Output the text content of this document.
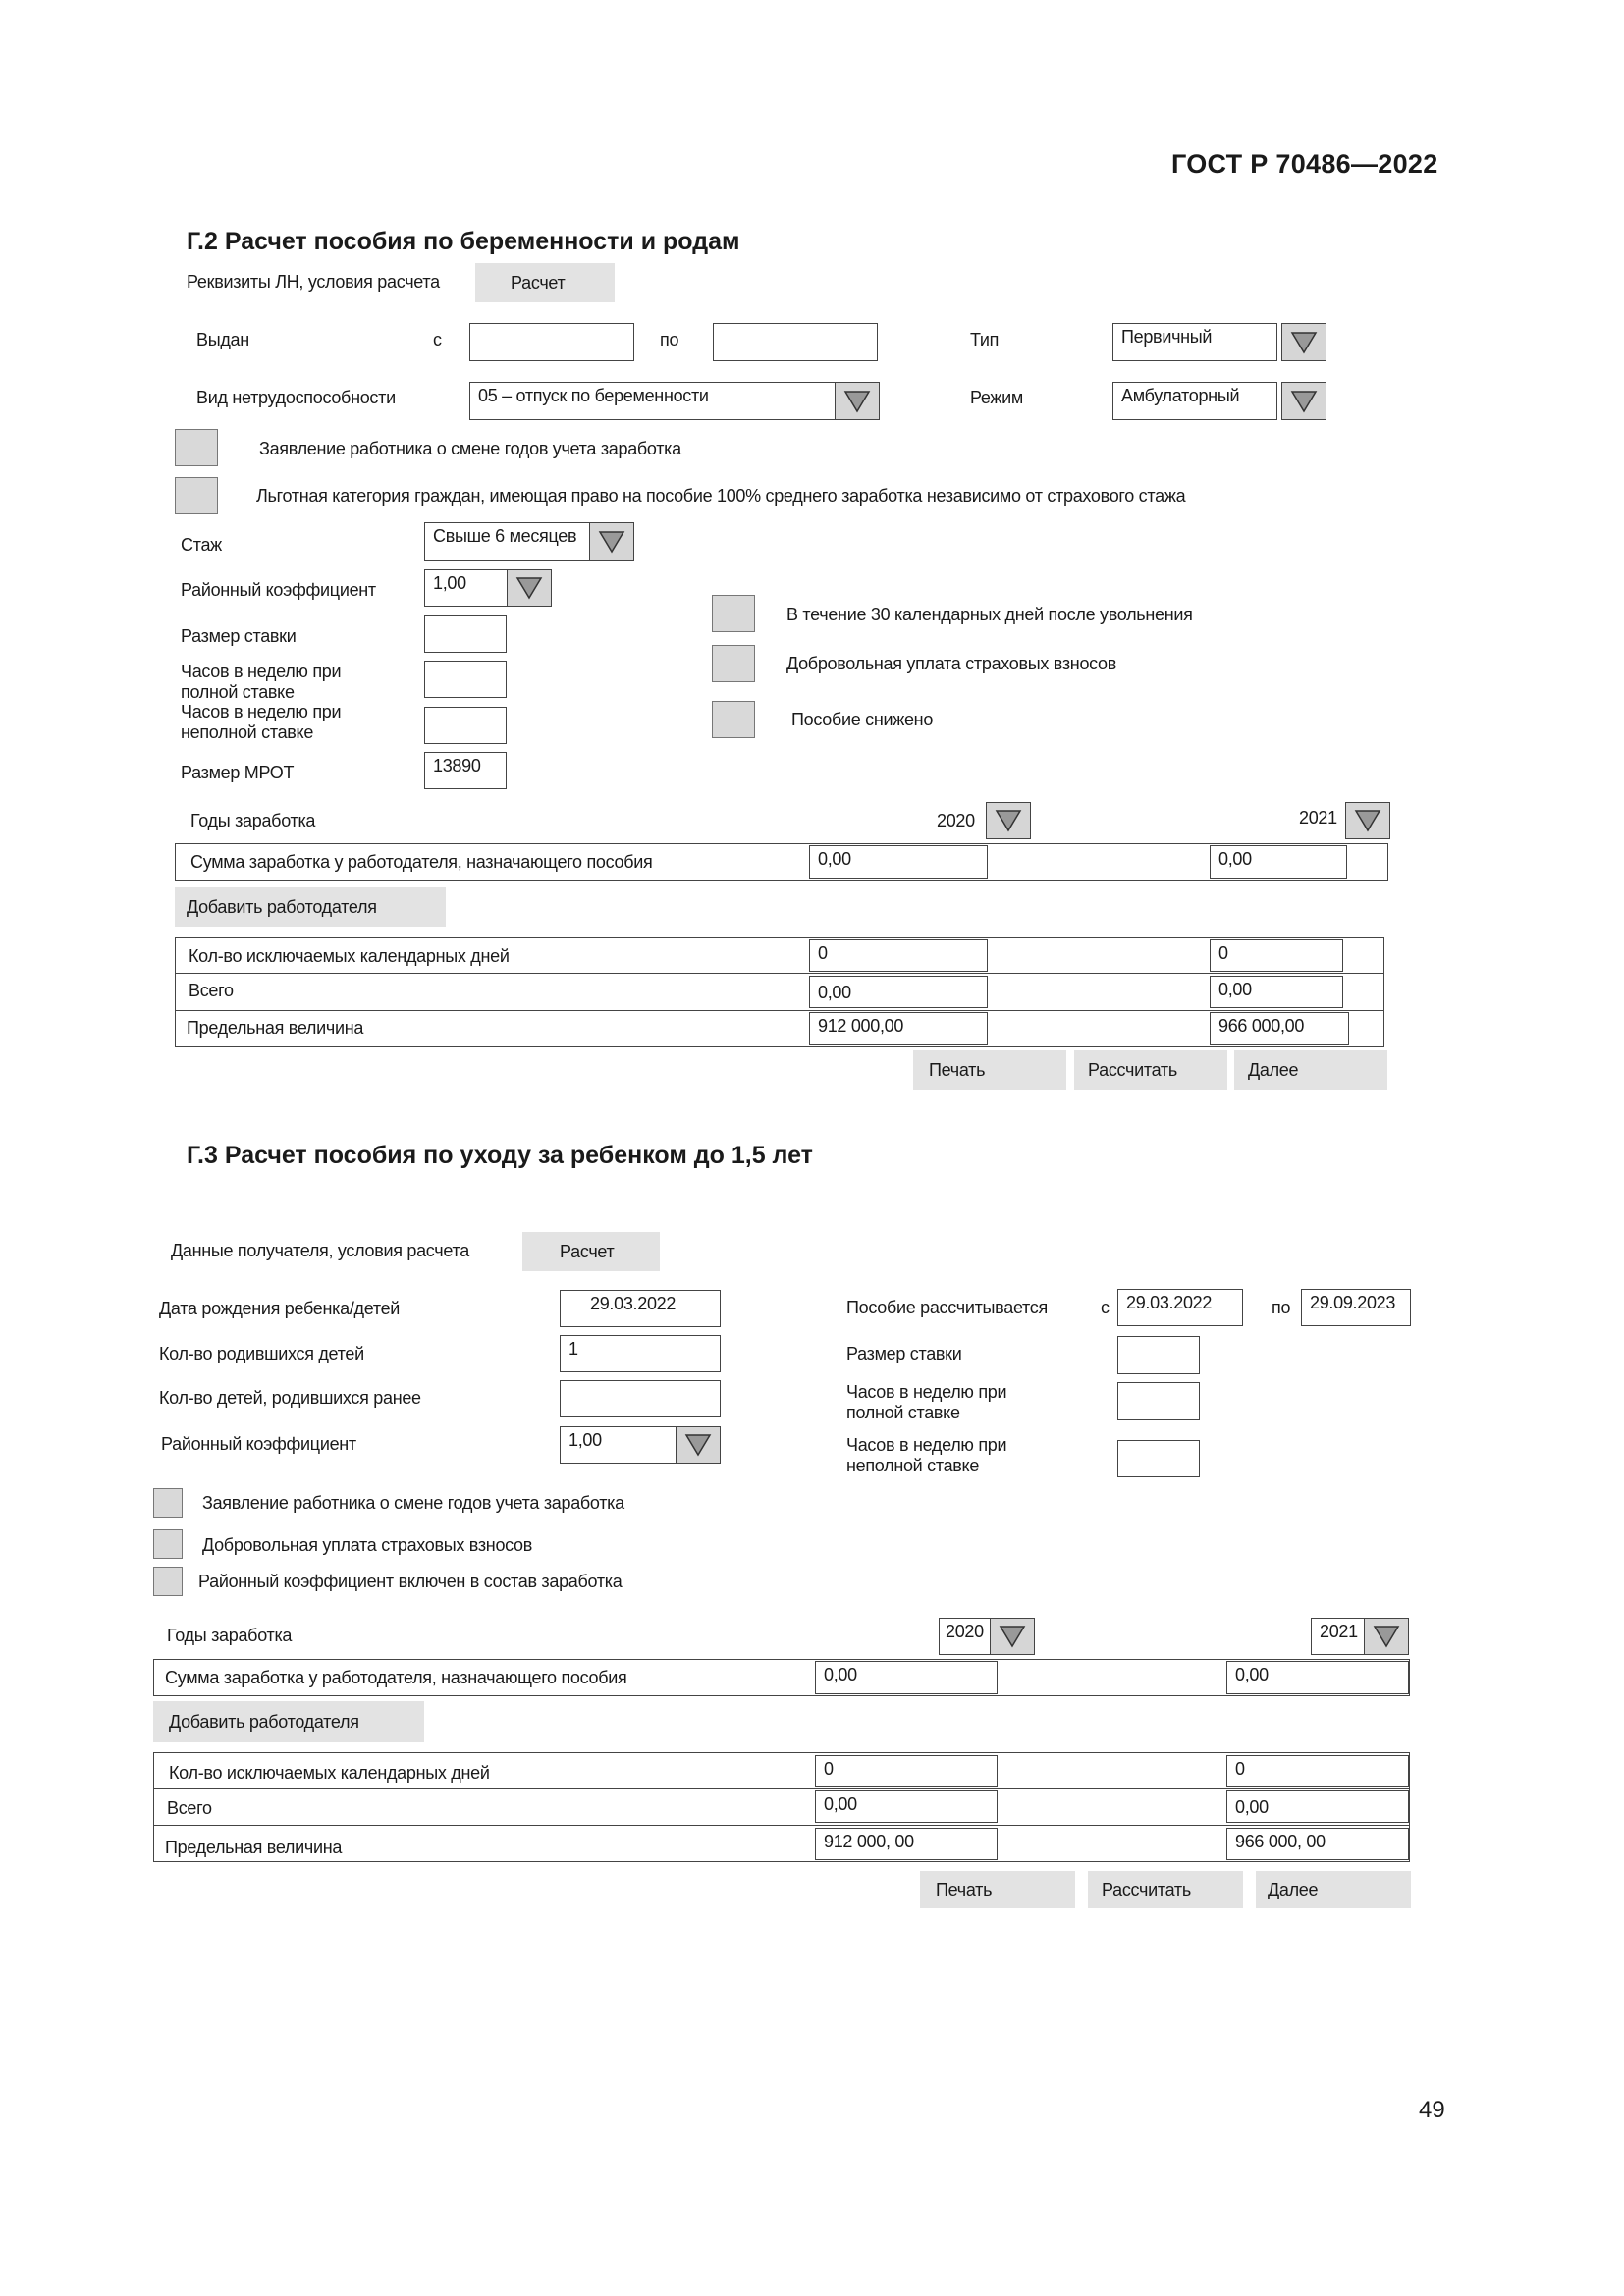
ГОСТ Р 70486—2022
Г.2 Расчет пособия по беременности и родам
Реквизиты ЛН, условия расчета	Расчет
Выдан	с	по	Тип	Первичный
Вид нетрудоспособности	05 – отпуск по беременности	Режим	Амбулаторный
Заявление работника о смене годов учета заработка
Льготная категория граждан, имеющая право на пособие 100% среднего заработка независимо от страхового стажа
Стаж	Свыше 6 месяцев
Районный коэффициент	1,00
Размер ставки
Часов в неделю при полной ставке
Часов в неделю при неполной ставке
Размер МРОТ	13890
В течение 30 календарных дней после увольнения
Добровольная уплата страховых взносов
Пособие снижено
Годы заработка	2020	2021
Сумма заработка у работодателя, назначающего пособия	0,00	0,00
Добавить работодателя
Кол-во исключаемых календарных дней	0	0
Всего	0,00	0,00
Предельная величина	912 000,00	966 000,00
Печать	Рассчитать	Далее
Г.3 Расчет пособия по уходу за ребенком до 1,5 лет
Данные получателя, условия расчета	Расчет
Дата рождения ребенка/детей	29.03.2022
Кол-во родившихся детей	1
Кол-во детей, родившихся ранее
Районный коэффициент	1,00
Пособие рассчитывается	с 29.03.2022	по	29.09.2023
Размер ставки
Часов в неделю при полной ставке
Часов в неделю при неполной ставке
Заявление работника о смене годов учета заработка
Добровольная уплата страховых взносов
Районный коэффициент включен в состав заработка
Годы заработка	2020	2021
Сумма заработка у работодателя, назначающего пособия	0,00	0,00
Добавить работодателя
Кол-во исключаемых календарных дней	0	0
Всего	0,00	0,00
Предельная величина	912 000, 00	966 000, 00
Печать	Рассчитать	Далее
49
